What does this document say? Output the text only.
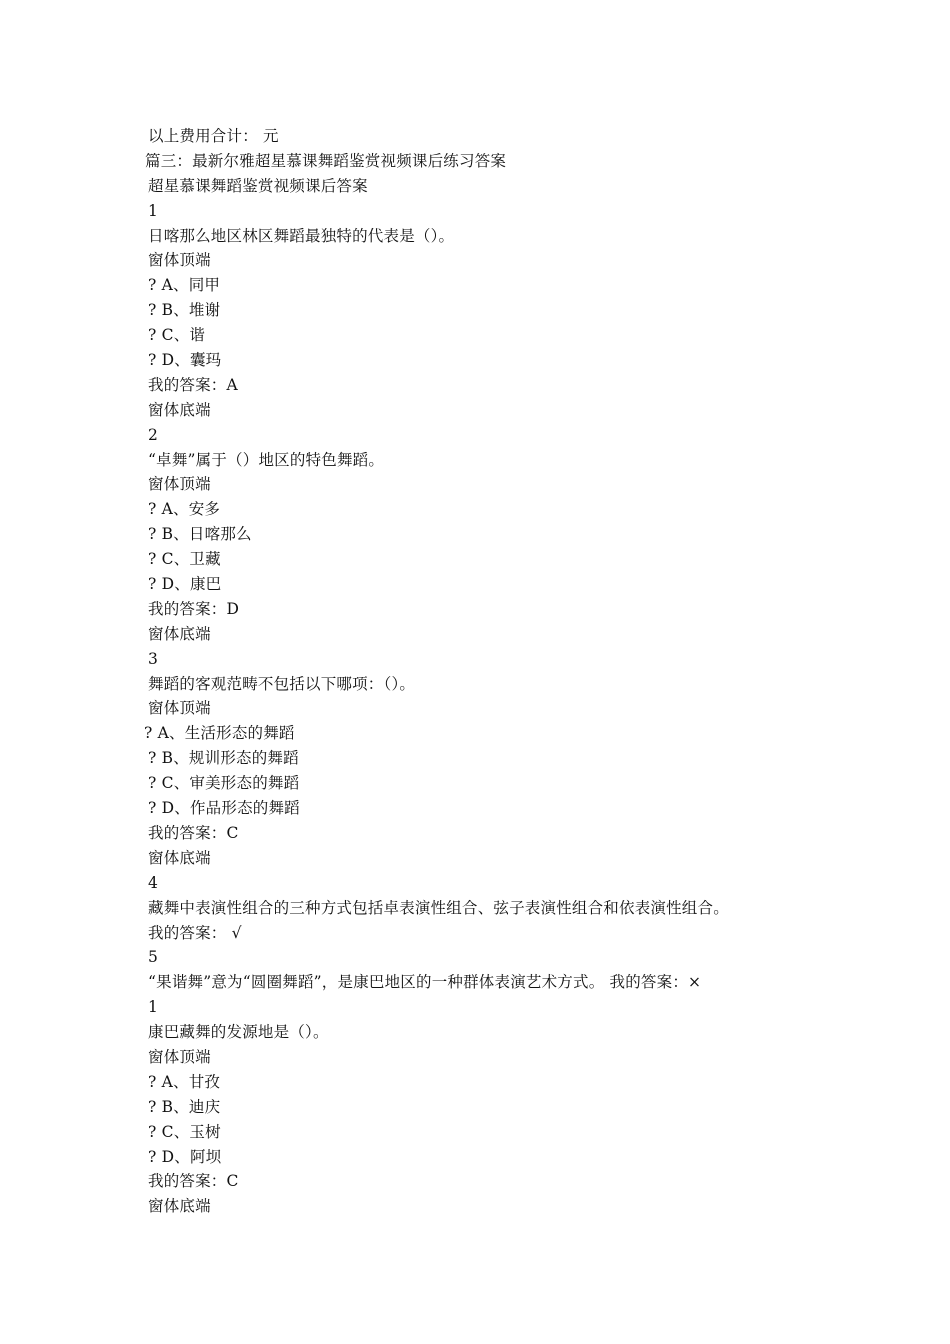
以上费用合计： 元
篇三：最新尔雅超星慕课舞蹈鉴赏视频课后练习答案
超星慕课舞蹈鉴赏视频课后答案
1
日喀那么地区林区舞蹈最独特的代表是（）。
窗体顶端
? A、同甲
? B、堆谢
? C、谐
? D、囊玛
我的答案：A
窗体底端
2
“卓舞”属于（）地区的特色舞蹈。
窗体顶端
? A、安多
? B、日喀那么
? C、卫藏
? D、康巴
我的答案：D
窗体底端
3
舞蹈的客观范畴不包括以下哪项：（）。
窗体顶端
? A、生活形态的舞蹈
? B、规训形态的舞蹈
? C、审美形态的舞蹈
? D、作品形态的舞蹈
我的答案：C
窗体底端
4
藏舞中表演性组合的三种方式包括卓表演性组合、弦子表演性组合和依表演性组合。
我的答案： √
5
“果谐舞”意为“圆圈舞蹈”，是康巴地区的一种群体表演艺术方式。 我的答案：×
1
康巴藏舞的发源地是（）。
窗体顶端
? A、甘孜
? B、迪庆
? C、玉树
? D、阿坝
我的答案：C
窗体底端
